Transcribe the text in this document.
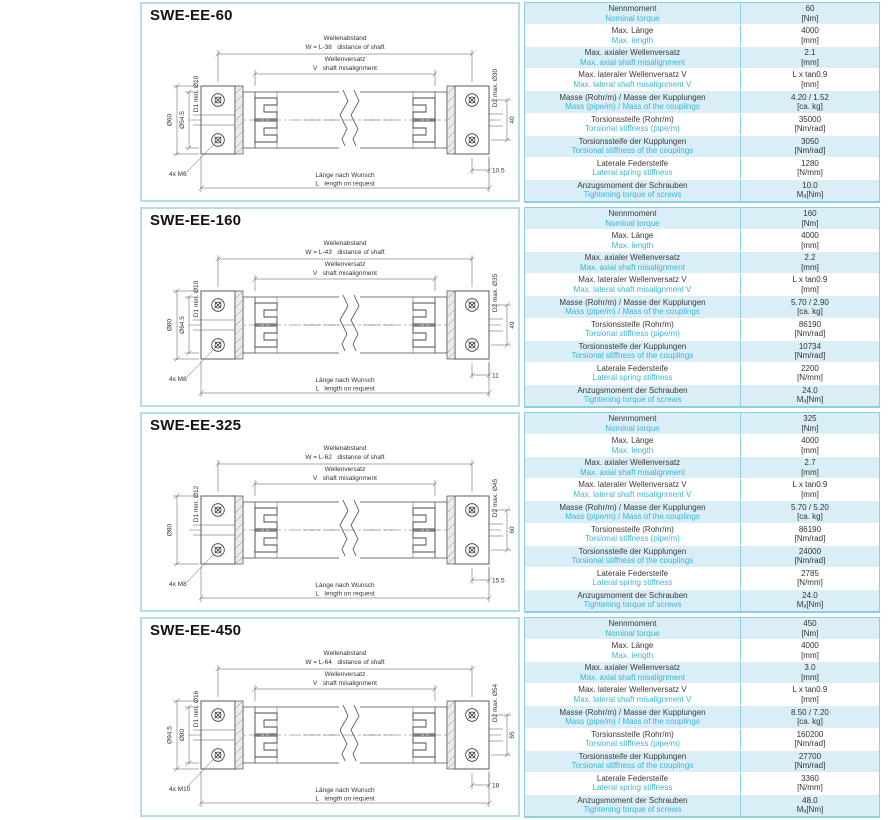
SWE-EE-60
Wellenabstand
W = L-38   distance of shaft
Wellenversatz
V   shaft misalignment
Länge nach Wunsch
L   length on request
Ø60 Ø54.5
D1 min. Ø10
4x M6
D2 max. Ø30
40
10.5
Nennmoment
Nominal torque
60
[Nm]
Max. Länge
Max. length
4000
[mm]
Max. axialer Wellenversatz
Max. axial shaft misalignment
2.1
[mm]
Max. lateraler Wellenversatz V
Max. lateral shaft misalignment V
L x tan0.9
[mm]
Masse (Rohr/m) / Masse der Kupplungen
Mass (pipe/m) / Mass of the couplings
4.20 / 1.52
[ca. kg]
Torsionssteife (Rohr/m)
Torsional stiffness (pipe/m)
35000
[Nm/rad]
Torsionssteife der Kupplungen
Torsional stiffness of the couplings
3050
[Nm/rad]
Laterale Federsteife
Lateral spring stiffness
1280
[N/mm]
Anzugsmoment der Schrauben
Tightening torque of screws
10.0
Mₐ[Nm]
SWE-EE-160
Wellenabstand
W = L-43   distance of shaft
Wellenversatz
V   shaft misalignment
Länge nach Wunsch
L   length on request
Ø80 Ø64.5
D1 min. Ø10
4x M8
D2 max. Ø35
49
11
Nennmoment
Nominal torque
160
[Nm]
Max. Länge
Max. length
4000
[mm]
Max. axialer Wellenversatz
Max. axial shaft misalignment
2.2
[mm]
Max. lateraler Wellenversatz V
Max. lateral shaft misalignment V
L x tan0.9
[mm]
Masse (Rohr/m) / Masse der Kupplungen
Mass (pipe/m) / Mass of the couplings
5.70 / 2.90
[ca. kg]
Torsionssteife (Rohr/m)
Torsional stiffness (pipe/m)
86190
[Nm/rad]
Torsionssteife der Kupplungen
Torsional stiffness of the couplings
10734
[Nm/rad]
Laterale Federsteife
Lateral spring stiffness
2200
[N/mm]
Anzugsmoment der Schrauben
Tightening torque of screws
24.0
Mₐ[Nm]
SWE-EE-325
Wellenabstand
W = L-62   distance of shaft
Wellenversatz
V   shaft misalignment
Länge nach Wunsch
L   length on request
Ø80
D1 min. Ø12
4x M8
D2 max. Ø45
60
15.5
Nennmoment
Nominal torque
325
[Nm]
Max. Länge
Max. length
4000
[mm]
Max. axialer Wellenversatz
Max. axial shaft misalignment
2.7
[mm]
Max. lateraler Wellenversatz V
Max. lateral shaft misalignment V
L x tan0.9
[mm]
Masse (Rohr/m) / Masse der Kupplungen
Mass (pipe/m) / Mass of the couplings
5.70 / 5.20
[ca. kg]
Torsionssteife (Rohr/m)
Torsional stiffness (pipe/m)
86190
[Nm/rad]
Torsionssteife der Kupplungen
Torsional stiffness of the couplings
24000
[Nm/rad]
Laterale Federsteife
Lateral spring stiffness
2785
[N/mm]
Anzugsmoment der Schrauben
Tightening torque of screws
24.0
Mₐ[Nm]
SWE-EE-450
Wellenabstand
W = L-64   distance of shaft
Wellenversatz
V   shaft misalignment
Länge nach Wunsch
L   length on request
Ø94.5 Ø80
D1 min. Ø16
4x M10
D2 max. Ø54
65
18
Nennmoment
Nominal torque
450
[Nm]
Max. Länge
Max. length
4000
[mm]
Max. axialer Wellenversatz
Max. axial shaft misalignment
3.0
[mm]
Max. lateraler Wellenversatz V
Max. lateral shaft misalignment V
L x tan0.9
[mm]
Masse (Rohr/m) / Masse der Kupplungen
Mass (pipe/m) / Mass of the couplings
8.50 / 7.20
[ca. kg]
Torsionssteife (Rohr/m)
Torsional stiffness (pipe/m)
160200
[Nm/rad]
Torsionssteife der Kupplungen
Torsional stiffness of the couplings
27700
[Nm/rad]
Laterale Federsteife
Lateral spring stiffness
3360
[N/mm]
Anzugsmoment der Schrauben
Tightening torque of screws
48.0
Mₐ[Nm]
